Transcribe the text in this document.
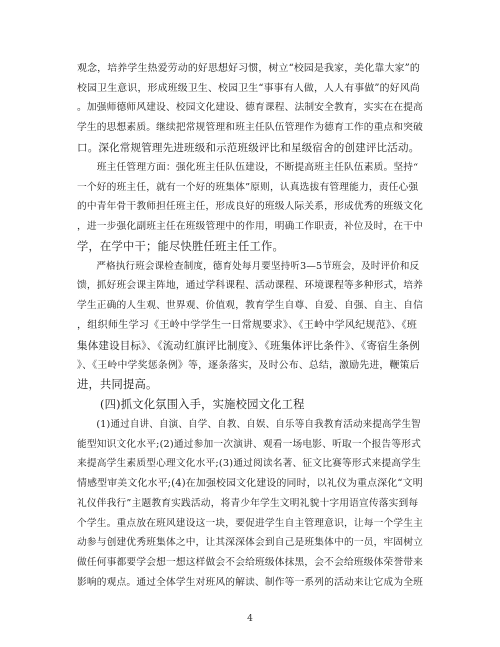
观念，培养学生热爱劳动的好思想好习惯，树立“校园是我家，美化靠大家”的
校园卫生意识，形成班级卫生、校园卫生“事事有人做，人人有事做”的好风尚
。加强师德师风建设、校园文化建设、德育课程、法制安全教育，实实在在提高
学生的思想素质。继续把常规管理和班主任队伍管理作为德育工作的重点和突破
口。深化常规管理先进班级和示范班级评比和星级宿舍的创建评比活动。
　　班主任管理方面：强化班主任队伍建设，不断提高班主任队伍素质。坚持“
一个好的班主任，就有一个好的班集体”原则，认真选拔有管理能力，责任心强
的中青年骨干教师担任班主任，形成良好的班级人际关系，形成优秀的班级文化
，进一步强化副班主任在班级管理中的作用，明确工作职责，补位及时，在干中
学，在学中干；能尽快胜任班主任工作。
　　严格执行班会课检查制度，德育处每月要坚持听3—5节班会，及时评价和反
馈，抓好班会课主阵地，通过学科课程、活动课程、环境课程等多种形式，培养
学生正确的人生观、世界观、价值观，教育学生自尊、自爱、自强、自主、自信
，组织师生学习《王岭中学学生一日常规要求》、《王岭中学风纪规范》、《班
集体建设目标》、《流动红旗评比制度》、《班集体评比条件》、《寄宿生条例
》、《王岭中学奖惩条例》等，逐条落实，及时公布、总结，激励先进，鞭策后
进，共同提高。
　　(四)抓文化氛围入手，实施校园文化工程
　　(1)通过自讲、自演、自学、自教、自娱、自乐等自我教育活动来提高学生智
能型知识文化水平;(2)通过参加一次演讲、观看一场电影、听取一个报告等形式
来提高学生素质型心理文化水平;(3)通过阅读名著、征文比赛等形式来提高学生
情感型审美文化水平;(4)在加强校园文化建设的同时，以礼仪为重点深化“文明
礼仪伴我行”主题教育实践活动，将青少年学生文明礼貌十字用语宣传落实到每
个学生。重点放在班风建设这一块，要促进学生自主管理意识，让每一个学生主
动参与创建优秀班集体之中，让其深深体会到自己是班集体中的一员，牢固树立
做任何事都要学会想一想这样做会不会给班级体抹黑，会不会给班级体荣誉带来
影响的观点。通过全体学生对班风的解读、制作等一系列的活动来让它成为全班
4
